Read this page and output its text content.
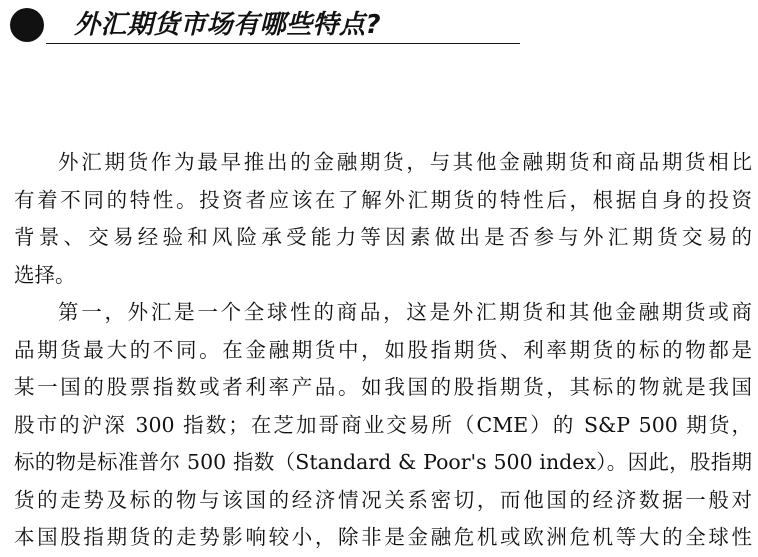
外汇期货市场有哪些特点?
外汇期货作为最早推出的金融期货，与其他金融期货和商品期货相比
有着不同的特性。投资者应该在了解外汇期货的特性后，根据自身的投资
背景、交易经验和风险承受能力等因素做出是否参与外汇期货交易的
选择。
第一，外汇是一个全球性的商品，这是外汇期货和其他金融期货或商
品期货最大的不同。在金融期货中，如股指期货、利率期货的标的物都是
某一国的股票指数或者利率产品。如我国的股指期货，其标的物就是我国
股市的沪深 300 指数；在芝加哥商业交易所（CME）的 S&P 500 期货，
标的物是标准普尔 500 指数（Standard & Poor's 500 index）。因此，股指期
货的走势及标的物与该国的经济情况关系密切，而他国的经济数据一般对
本国股指期货的走势影响较小，除非是金融危机或欧洲危机等大的全球性
